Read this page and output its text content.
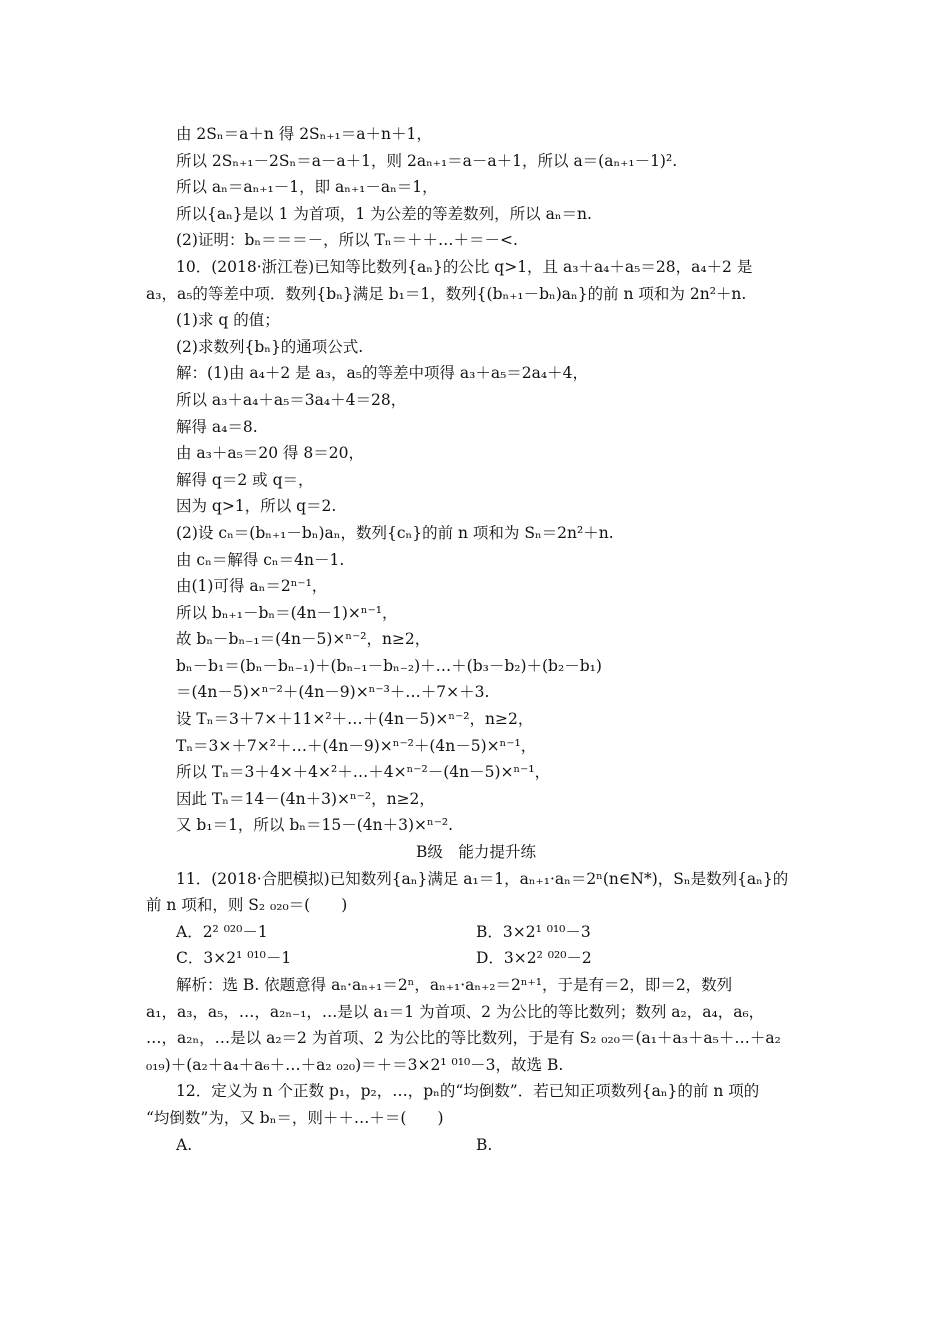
由 2Sₙ＝a＋n 得 2Sₙ₊₁＝a＋n＋1，
所以 2Sₙ₊₁－2Sₙ＝a－a＋1，则 2aₙ₊₁＝a－a＋1，所以 a＝(aₙ₊₁－1)².
所以 aₙ＝aₙ₊₁－1，即 aₙ₊₁－aₙ＝1，
所以{aₙ}是以 1 为首项，1 为公差的等差数列，所以 aₙ＝n.
(2)证明：bₙ＝＝＝－，所以 Tₙ＝＋＋…＋＝－<.
10．(2018·浙江卷)已知等比数列{aₙ}的公比 q>1，且 a₃＋a₄＋a₅＝28，a₄＋2 是
a₃，a₅的等差中项．数列{bₙ}满足 b₁＝1，数列{(bₙ₊₁－bₙ)aₙ}的前 n 项和为 2n²＋n.
(1)求 q 的值；
(2)求数列{bₙ}的通项公式.
解：(1)由 a₄＋2 是 a₃，a₅的等差中项得 a₃＋a₅＝2a₄＋4，
所以 a₃＋a₄＋a₅＝3a₄＋4＝28，
解得 a₄＝8.
由 a₃＋a₅＝20 得 8＝20，
解得 q＝2 或 q＝，
因为 q>1，所以 q＝2.
(2)设 cₙ＝(bₙ₊₁－bₙ)aₙ，数列{cₙ}的前 n 项和为 Sₙ＝2n²＋n.
由 cₙ＝解得 cₙ＝4n－1.
由(1)可得 aₙ＝2ⁿ⁻¹，
所以 bₙ₊₁－bₙ＝(4n－1)×ⁿ⁻¹，
故 bₙ－bₙ₋₁＝(4n－5)×ⁿ⁻²，n≥2，
bₙ－b₁＝(bₙ－bₙ₋₁)＋(bₙ₋₁－bₙ₋₂)＋…＋(b₃－b₂)＋(b₂－b₁)
＝(4n－5)×ⁿ⁻²＋(4n－9)×ⁿ⁻³＋…＋7×＋3.
设 Tₙ＝3＋7×＋11×²＋…＋(4n－5)×ⁿ⁻²，n≥2，
Tₙ＝3×＋7×²＋…＋(4n－9)×ⁿ⁻²＋(4n－5)×ⁿ⁻¹，
所以 Tₙ＝3＋4×＋4×²＋…＋4×ⁿ⁻²－(4n－5)×ⁿ⁻¹，
因此 Tₙ＝14－(4n＋3)×ⁿ⁻²，n≥2，
又 b₁＝1，所以 bₙ＝15－(4n＋3)×ⁿ⁻².
B级　能力提升练
11．(2018·合肥模拟)已知数列{aₙ}满足 a₁＝1，aₙ₊₁·aₙ＝2ⁿ(n∈N*)，Sₙ是数列{aₙ}的
前 n 项和，则 S₂ ₀₂₀＝(　　)
A．2² ⁰²⁰－1	B．3×2¹ ⁰¹⁰－3
C．3×2¹ ⁰¹⁰－1	D．3×2² ⁰²⁰－2
解析：选 B. 依题意得 aₙ·aₙ₊₁＝2ⁿ，aₙ₊₁·aₙ₊₂＝2ⁿ⁺¹，于是有＝2，即＝2，数列
a₁，a₃，a₅，…，a₂ₙ₋₁，…是以 a₁＝1 为首项、2 为公比的等比数列；数列 a₂，a₄，a₆，
…，a₂ₙ，…是以 a₂＝2 为首项、2 为公比的等比数列，于是有 S₂ ₀₂₀＝(a₁＋a₃＋a₅＋…＋a₂
₀₁₉)＋(a₂＋a₄＋a₆＋…＋a₂ ₀₂₀)＝＋＝3×2¹ ⁰¹⁰－3，故选 B.
12．定义为 n 个正数 p₁，p₂，…，pₙ的“均倒数”．若已知正项数列{aₙ}的前 n 项的
“均倒数”为，又 bₙ＝，则＋＋…＋＝(　　)
A.	B.
